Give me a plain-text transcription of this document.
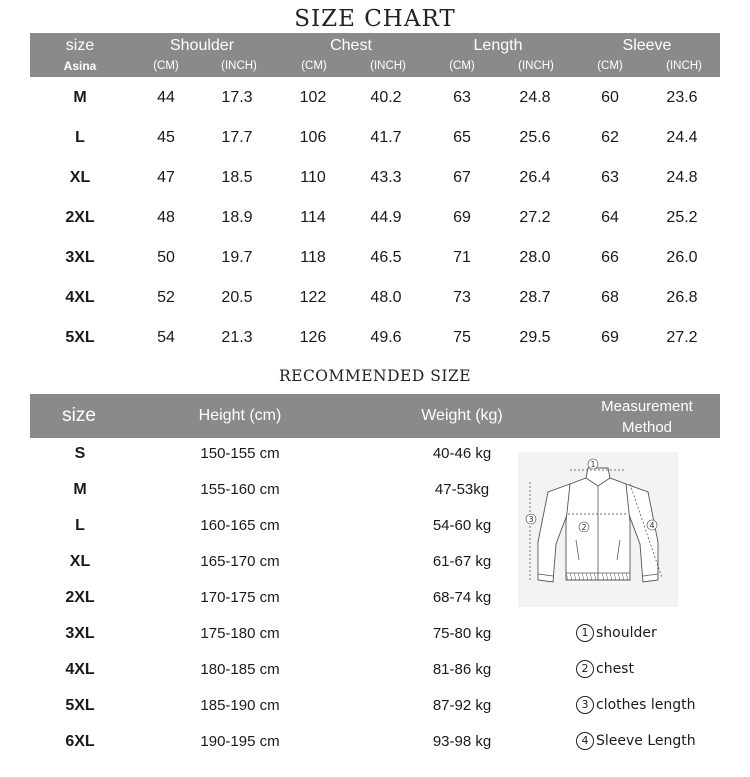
SIZE CHART
size
Asina
Shoulder	Chest	Length	Sleeve
(CM)	(INCH)	(CM)	(INCH)	(CM)	(INCH)	(CM)	(INCH)
M	44	17.3	102	40.2	63	24.8	60	23.6
L	45	17.7	106	41.7	65	25.6	62	24.4
XL	47	18.5	110	43.3	67	26.4	63	24.8
2XL	48	18.9	114	44.9	69	27.2	64	25.2
3XL	50	19.7	118	46.5	71	28.0	66	26.0
4XL	52	20.5	122	48.0	73	28.7	68	26.8
5XL	54	21.3	126	49.6	75	29.5	69	27.2
RECOMMENDED SIZE
size	Height (cm)	Weight (kg)
Measurement
Method
S	150-155 cm	40-46 kg
M	155-160 cm	47-53kg
L	160-165 cm	54-60 kg
XL	165-170 cm	61-67 kg
2XL	170-175 cm	68-74 kg
3XL	175-180 cm	75-80 kg
4XL	180-185 cm	81-86 kg
5XL	185-190 cm	87-92 kg
6XL	190-195 cm	93-98 kg
1
2
3
4
1 shoulder
2 chest
3 clothes length
4 Sleeve Length
